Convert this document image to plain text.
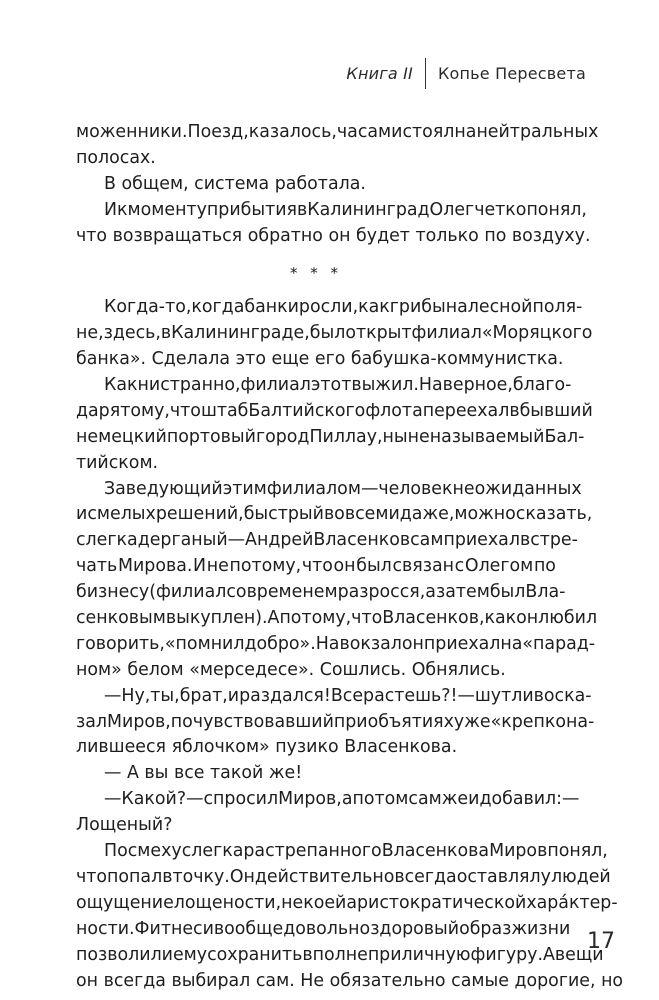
Книга II	Копье Пересвета
моженники. Поезд, казалось, часами стоял на нейтральных
полосах.
В общем, система работала.
И к моменту прибытия в Калининград Олег четко понял,
что возвращаться обратно он будет только по воздуху.
* * *
Когда-то, когда банки росли, как грибы на лесной поля-
не, здесь, в Калининграде, был открыт филиал «Моряцкого
банка». Сделала это еще его бабушка-коммунистка.
Как ни странно, филиал этот выжил. Наверное, благо-
даря тому, что штаб Балтийского флота переехал в бывший
немецкий портовый город Пиллау, ныне называемый Бал-
тийском.
Заведующий этим филиалом — человек неожиданных
и смелых решений, быстрый во всем и даже, можно сказать,
слегка дерганый — Андрей Власенков сам приехал встре-
чать Мирова. И не потому, что он был связан с Олегом по
бизнесу (филиал со временем разросся, а затем был Вла-
сенковым выкуплен). А потому, что Власенков, как он любил
говорить, «помнил добро». На вокзал он приехал на «парад-
ном» белом «мерседесе». Сошлись. Обнялись.
— Ну, ты, брат, и раздался! Все растешь?! — шутливо ска-
зал Миров, почувствовавший при объятиях уже «крепко на-
лившееся яблочком» пузико Власенкова.
— А вы все такой же!
— Какой? — спросил Миров, а потом сам же и добавил: —
Лощеный?
По смеху слегка растрепанного Власенкова Миров понял,
что попал в точку. Он действительно всегда оставлял у людей
ощущение лощености, некоей аристократической хара́ктер-
ности. Фитнес и вообще довольно здоровый образ жизни
позволили ему сохранить вполне приличную фигуру. А вещи
он всегда выбирал сам. Не обязательно самые дорогие, но
17
